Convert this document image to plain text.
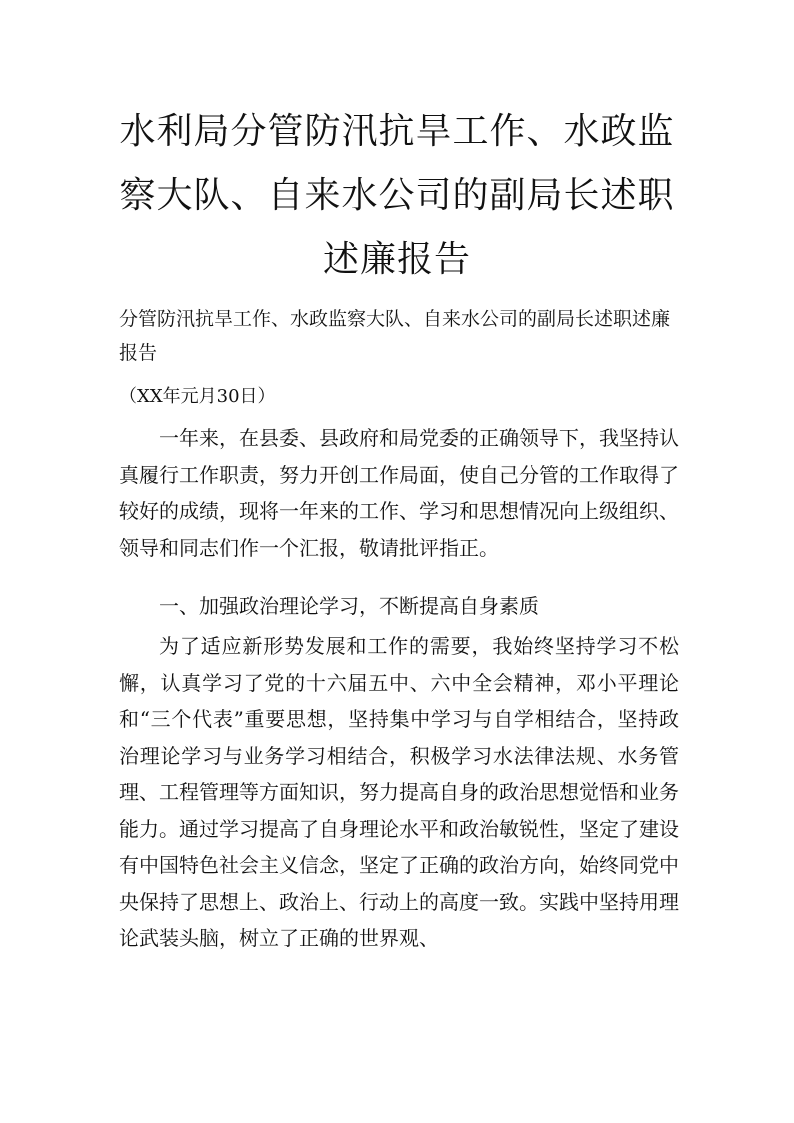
水利局分管防汛抗旱工作、水政监察大队、自来水公司的副局长述职述廉报告

分管防汛抗旱工作、水政监察大队、自来水公司的副局长述职述廉报告

（XX年元月30日）

一年来，在县委、县政府和局党委的正确领导下，我坚持认真履行工作职责，努力开创工作局面，使自己分管的工作取得了较好的成绩，现将一年来的工作、学习和思想情况向上级组织、领导和同志们作一个汇报，敬请批评指正。

一、加强政治理论学习，不断提高自身素质

为了适应新形势发展和工作的需要，我始终坚持学习不松懈，认真学习了党的十六届五中、六中全会精神，邓小平理论和“三个代表”重要思想，坚持集中学习与自学相结合，坚持政治理论学习与业务学习相结合，积极学习水法律法规、水务管理、工程管理等方面知识，努力提高自身的政治思想觉悟和业务能力。通过学习提高了自身理论水平和政治敏锐性，坚定了建设有中国特色社会主义信念，坚定了正确的政治方向，始终同党中央保持了思想上、政治上、行动上的高度一致。实践中坚持用理论武装头脑，树立了正确的世界观、
